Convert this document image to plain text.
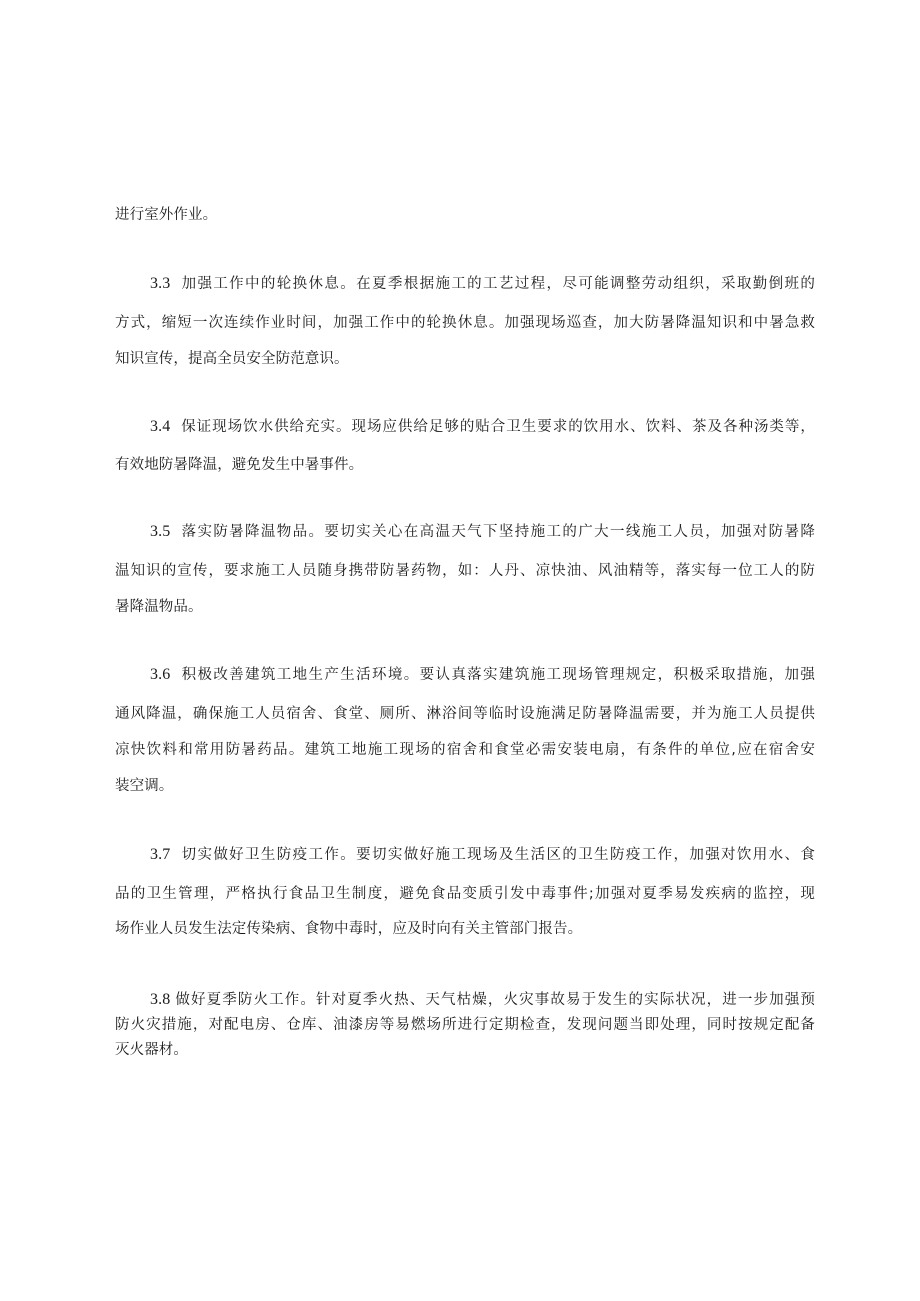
进行室外作业。
3.3 加强工作中的轮换休息。在夏季根据施工的工艺过程，尽可能调整劳动组织，采取勤倒班的
方式，缩短一次连续作业时间，加强工作中的轮换休息。加强现场巡查，加大防暑降温知识和中暑急救
知识宣传，提高全员安全防范意识。
3.4 保证现场饮水供给充实。现场应供给足够的贴合卫生要求的饮用水、饮料、茶及各种汤类等，
有效地防暑降温，避免发生中暑事件。
3.5 落实防暑降温物品。要切实关心在高温天气下坚持施工的广大一线施工人员，加强对防暑降
温知识的宣传，要求施工人员随身携带防暑药物，如：人丹、凉快油、风油精等，落实每一位工人的防
暑降温物品。
3.6 积极改善建筑工地生产生活环境。要认真落实建筑施工现场管理规定，积极采取措施，加强
通风降温，确保施工人员宿舍、食堂、厕所、淋浴间等临时设施满足防暑降温需要，并为施工人员提供
凉快饮料和常用防暑药品。建筑工地施工现场的宿舍和食堂必需安装电扇，有条件的单位,应在宿舍安
装空调。
3.7 切实做好卫生防疫工作。要切实做好施工现场及生活区的卫生防疫工作，加强对饮用水、食
品的卫生管理，严格执行食品卫生制度，避免食品变质引发中毒事件;加强对夏季易发疾病的监控，现
场作业人员发生法定传染病、食物中毒时，应及时向有关主管部门报告。
3.8 做好夏季防火工作。针对夏季火热、天气枯燥，火灾事故易于发生的实际状况，进一步加强预
防火灾措施，对配电房、仓库、油漆房等易燃场所进行定期检查，发现问题当即处理，同时按规定配备
灭火器材。
